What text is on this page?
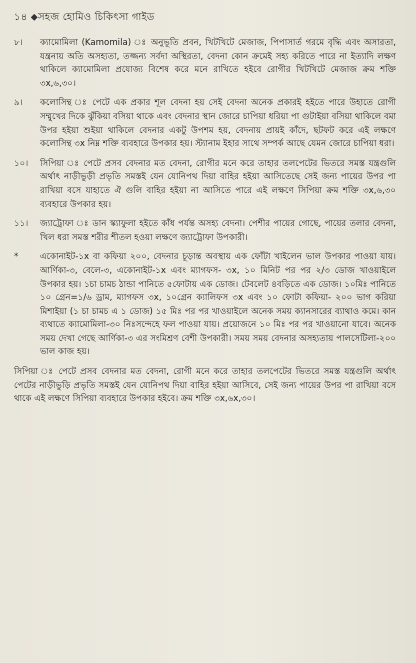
১৪ ⬥সহজ হোমিও চিকিৎসা গাইড
৮।	ক্যামোমিলা (Kamomila) ঃ অনুভূতি প্রবন, খিটখিটে মেজাজ, পিপাসার্ত গরমে বৃদ্ধি এবং অসারতা, যন্ত্রনায় অতি অসহ্যতা, তজ্জন্য সর্বদা অস্থিরতা, বেদনা কোন ক্রমেই সহ্য করিতে পারে না ইত্যাদি লক্ষণ থাকিলে ক্যামোমিলা প্রযোজ্য বিশেষ করে মনে রাখিতে হইবে রোগীর খিটখিটে মেজাজ ক্রম শক্তি ৩x,৬,৩০।

৯।	কলোসিন্থ ঃ পেটে এক প্রকার শূল বেদনা হয় সেই বেদনা অনেক প্রকারই হইতে পারে উহাতে রোগী সম্মুখের দিকে ঝুঁকিয়া বসিয়া থাকে এবং বেদনার স্থান জোরে চাপিয়া ধরিয়া পা গুটাইয়া বসিয়া থাকিলে বমা উপর হইয়া শুইয়া থাকিলে বেদনার একটু উপশম হয়, বেদনায় প্রায়ই কাঁদে, ছটফট করে এই লক্ষণে কলোসিন্থ ৩x নিম্ন শক্তি ব্যবহারে উপকার হয়। স্ট্যানাম ইহার সাথে সম্পর্ক আছে যেমন জোরে চাপিয়া ধরা।

১০।	সিপিয়া ঃ পেটে প্রসব বেদনার মত বেদনা, রোগীর মনে করে তাহার তলপেটের ভিতরে সমস্ত যন্ত্রগুলি অর্থাৎ নাড়ীভুড়ী প্রভৃতি সমস্তই যেন যোনিপথ দিয়া বাহির হইয়া আসিতেছে সেই জন্য পায়ের উপর পা রাখিয়া বসে যাহাতে ঐ গুলি বাহির হইয়া না আসিতে পারে এই লক্ষণে সিপিয়া ক্রম শক্তি ৩x,৬,৩০ ব্যবহারে উপকার হয়।

১১।	জ্যাট্রোফা ঃ ডান স্ক্যাফুলা হইতে কাঁধ পর্যন্ত অসহ্য বেদনা। পেশীর পায়ের গোছে, পায়ের তলার বেদনা, খিল ধরা সমস্ত শরীর শীতল হওয়া লক্ষণে জ্যাট্রোফা উপকারী।

*	একোনাইট-১x বা কফিয়া ২০০, বেদনার চূড়ান্ত অবস্থায় এক ফোঁটা খাইলেন ভাল উপকার পাওয়া যায়। আর্ণিকা-৩, বেলে-৩, একোনাইট-১x এবং ম্যাগফস- ৩x, ১০ মিনিট পর পর ২/৩ ডোজ খাওয়াইলে উপকার হয়। ১চা চামচ ঠান্ডা পানিতে ৫ফোটায় এক ডোজ। টেবলেট ৪বড়িতে এক ডোজ। ১০মিঃ পানিতে ১০ গ্রেন=১/৬ ড্রাম, ম্যাগফস ৩x, ১০গ্রেন ক্যালিফস ৩x এবং ১০ ফোটা কফিয়া- ২০০ ভাগ করিয়া মিশাইয়া (১ চা চামচ এ ১ ডোজ) ১৫ মিঃ পর পর খাওয়াইলে অনেক সময় ক্যানসারের ব্যাথাও কমে। কান ব্যথাতে ক্যামোমিলা-৩০ নিঃসন্দেহে ফল পাওয়া যায়। প্রয়োজনে ১০ মিঃ পর পর খাওয়ানো যাবে। অনেক সময় দেখা গেছে আর্ণিকা-৩ এর সংমিশ্রণ বেশী উপকারী। সময় সময় বেদনার অসহ্যতায় পালসেটিলা-২০০ ভাল কাজ হয়।

সিপিয়া ঃ পেটে প্রসব বেদনার মত বেদনা, রোগী মনে করে তাহার তলপেটের ভিতরে সমস্ত যন্ত্রগুলি অর্থাৎ পেটের নাড়ীভুড়ি প্রভৃতি সমস্তই যেন যোনিপথ দিয়া বাহির হইয়া আসিবে, সেই জন্য পায়ের উপর পা রাখিয়া বসে থাকে এই লক্ষণে সিপিয়া ব্যবহারে উপকার হইবে। ক্রম শক্তি ৩x,৬x,৩০।
